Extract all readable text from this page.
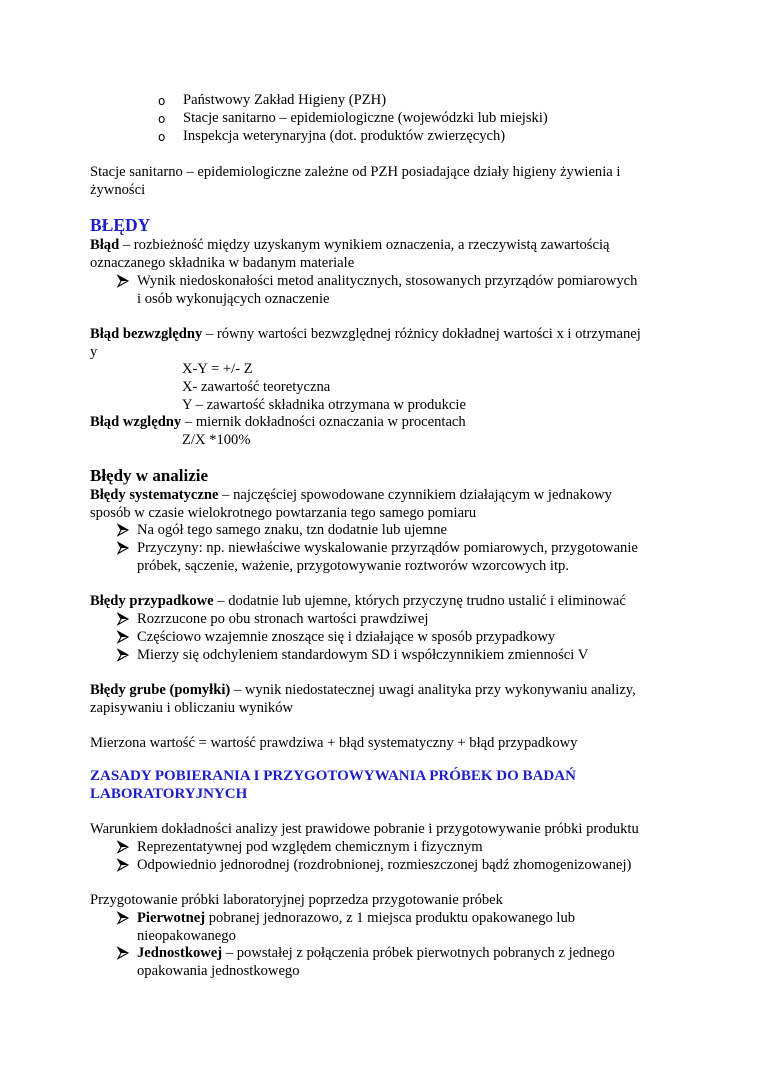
o Państwowy Zakład Higieny (PZH)
o Stacje sanitarno – epidemiologiczne (wojewódzki lub miejski)
o Inspekcja weterynaryjna (dot. produktów zwierzęcych)
Stacje sanitarno – epidemiologiczne zależne od PZH posiadające działy higieny żywienia i
żywności
BŁĘDY
Błąd – rozbieżność między uzyskanym wynikiem oznaczenia, a rzeczywistą zawartością
oznaczanego składnika w badanym materiale
Wynik niedoskonałości metod analitycznych, stosowanych przyrządów pomiarowych
i osób wykonujących oznaczenie
Błąd bezwzględny – równy wartości bezwzględnej różnicy dokładnej wartości x i otrzymanej
y
X-Y = +/- Z
X- zawartość teoretyczna
Y – zawartość składnika otrzymana w produkcie
Błąd względny – miernik dokładności oznaczania w procentach
Z/X *100%
Błędy w analizie
Błędy systematyczne – najczęściej spowodowane czynnikiem działającym w jednakowy
sposób w czasie wielokrotnego powtarzania tego samego pomiaru
Na ogół tego samego znaku, tzn dodatnie lub ujemne
Przyczyny: np. niewłaściwe wyskalowanie przyrządów pomiarowych, przygotowanie
próbek, sączenie, ważenie, przygotowywanie roztworów wzorcowych itp.
Błędy przypadkowe – dodatnie lub ujemne, których przyczynę trudno ustalić i eliminować
Rozrzucone po obu stronach wartości prawdziwej
Częściowo wzajemnie znoszące się i działające w sposób przypadkowy
Mierzy się odchyleniem standardowym SD i współczynnikiem zmienności V
Błędy grube (pomyłki) – wynik niedostatecznej uwagi analityka przy wykonywaniu analizy,
zapisywaniu i obliczaniu wyników
Mierzona wartość = wartość prawdziwa + błąd systematyczny + błąd przypadkowy
ZASADY POBIERANIA I PRZYGOTOWYWANIA PRÓBEK DO BADAŃ
LABORATORYJNYCH
Warunkiem dokładności analizy jest prawidowe pobranie i przygotowywanie próbki produktu
Reprezentatywnej pod względem chemicznym i fizycznym
Odpowiednio jednorodnej (rozdrobnionej, rozmieszczonej bądź zhomogenizowanej)
Przygotowanie próbki laboratoryjnej poprzedza przygotowanie próbek
Pierwotnej pobranej jednorazowo, z 1 miejsca produktu opakowanego lub
nieopakowanego
Jednostkowej – powstałej z połączenia próbek pierwotnych pobranych z jednego
opakowania jednostkowego
